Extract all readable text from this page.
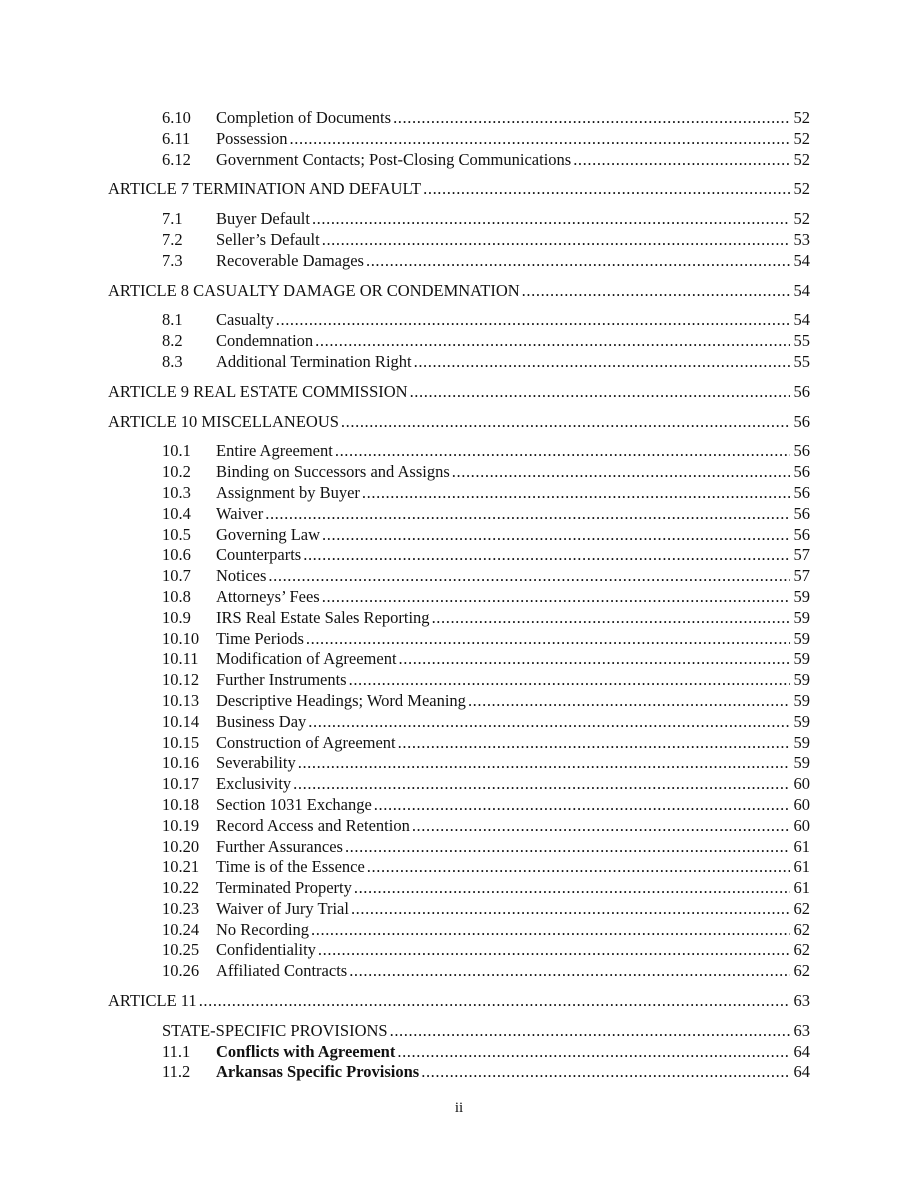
6.10	Completion of Documents .....	52
6.11	Possession .....	52
6.12	Government Contacts; Post-Closing Communications .....	52
ARTICLE 7 TERMINATION AND DEFAULT .....	52
7.1	Buyer Default .....	52
7.2	Seller’s Default .....	53
7.3	Recoverable Damages .....	54
ARTICLE 8 CASUALTY DAMAGE OR CONDEMNATION .....	54
8.1	Casualty .....	54
8.2	Condemnation .....	55
8.3	Additional Termination Right .....	55
ARTICLE 9 REAL ESTATE COMMISSION .....	56
ARTICLE 10 MISCELLANEOUS .....	56
10.1	Entire Agreement .....	56
10.2	Binding on Successors and Assigns .....	56
10.3	Assignment by Buyer .....	56
10.4	Waiver .....	56
10.5	Governing Law .....	56
10.6	Counterparts .....	57
10.7	Notices .....	57
10.8	Attorneys’ Fees .....	59
10.9	IRS Real Estate Sales Reporting .....	59
10.10	Time Periods .....	59
10.11	Modification of Agreement .....	59
10.12	Further Instruments .....	59
10.13	Descriptive Headings; Word Meaning .....	59
10.14	Business Day .....	59
10.15	Construction of Agreement .....	59
10.16	Severability .....	59
10.17	Exclusivity .....	60
10.18	Section 1031 Exchange .....	60
10.19	Record Access and Retention .....	60
10.20	Further Assurances .....	61
10.21	Time is of the Essence .....	61
10.22	Terminated Property .....	61
10.23	Waiver of Jury Trial .....	62
10.24	No Recording .....	62
10.25	Confidentiality .....	62
10.26	Affiliated Contracts .....	62
ARTICLE 11 .....	63
STATE-SPECIFIC PROVISIONS .....	63
11.1	Conflicts with Agreement .....	64
11.2	Arkansas Specific Provisions .....	64
ii
